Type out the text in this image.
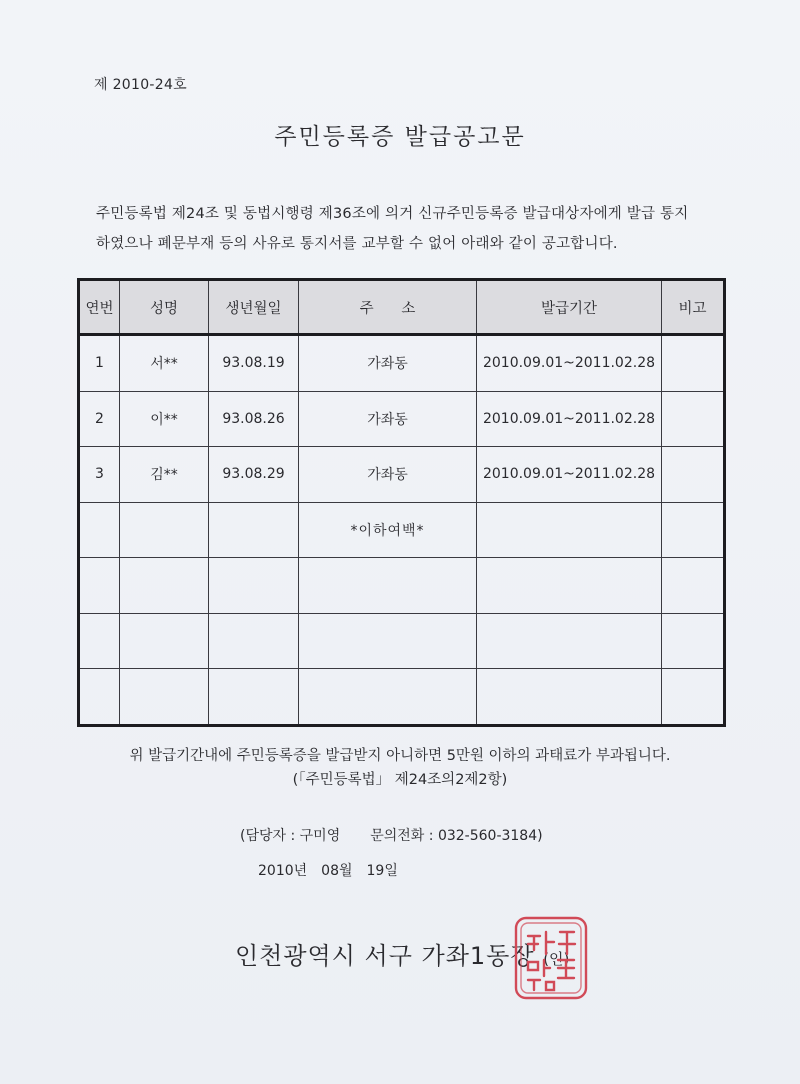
제 2010-24호
주민등록증 발급공고문
주민등록법 제24조 및 동법시행령 제36조에 의거 신규주민등록증 발급대상자에게 발급 통지
하였으나 폐문부재 등의 사유로 통지서를 교부할 수 없어 아래와 같이 공고합니다.
연번	성명	생년월일	주      소	발급기간	비고
1	서**	93.08.19	가좌동	2010.09.01~2011.02.28	
2	이**	93.08.26	가좌동	2010.09.01~2011.02.28	
3	김**	93.08.29	가좌동	2010.09.01~2011.02.28	
			*이하여백*		

위 발급기간내에 주민등록증을 발급받지 아니하면 5만원 이하의 과태료가 부과됩니다.
(「주민등록법」 제24조의2제2항)
(담당자 : 구미영 문의전화 : 032-560-3184)
2010년 08월 19일
인천광역시 서구 가좌1동장 (인)
